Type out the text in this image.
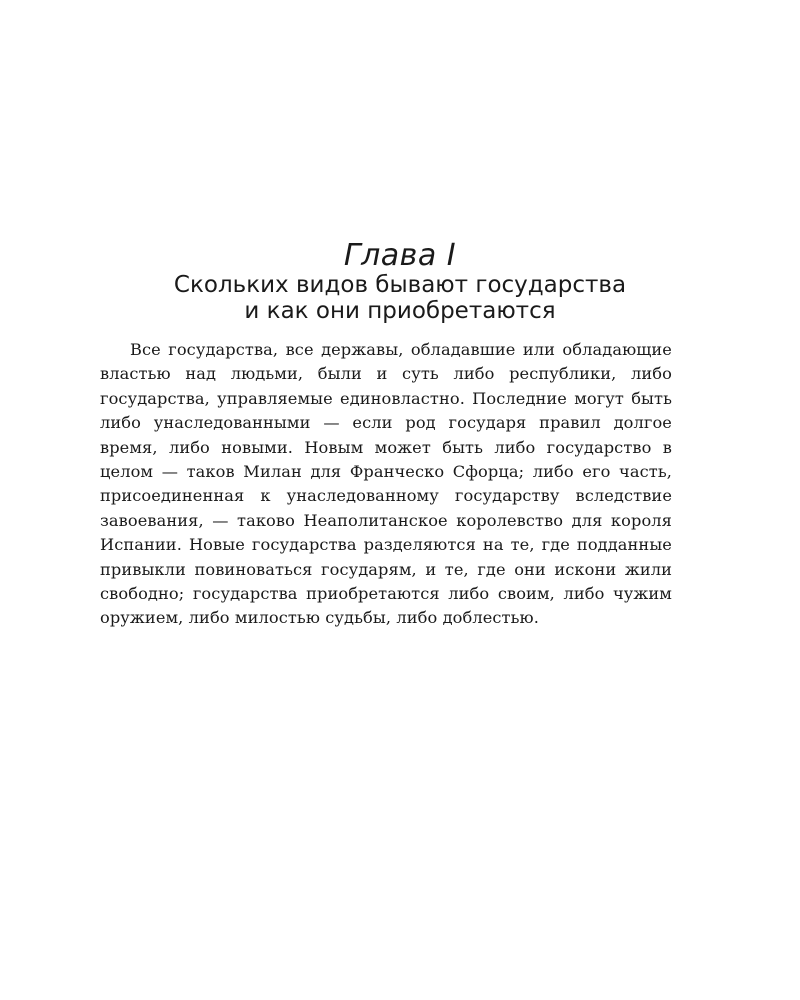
Глава I
Скольких видов бывают государства
и как они приобретаются

Все государства, все державы, обладавшие или обладающие властью над людьми, были и суть либо республики, либо государства, управляемые единовластно. Последние могут быть либо унаследованными — если род государя правил долгое время, либо новыми. Новым может быть либо государство в целом — таков Милан для Франческо Сфорца; либо его часть, присоединенная к унаследованному государству вследствие завоевания, — таково Неаполитанское королевство для короля Испании. Новые государства разделяются на те, где подданные привыкли повиноваться государям, и те, где они искони жили свободно; государства приобретаются либо своим, либо чужим оружием, либо милостью судьбы, либо доблестью.
